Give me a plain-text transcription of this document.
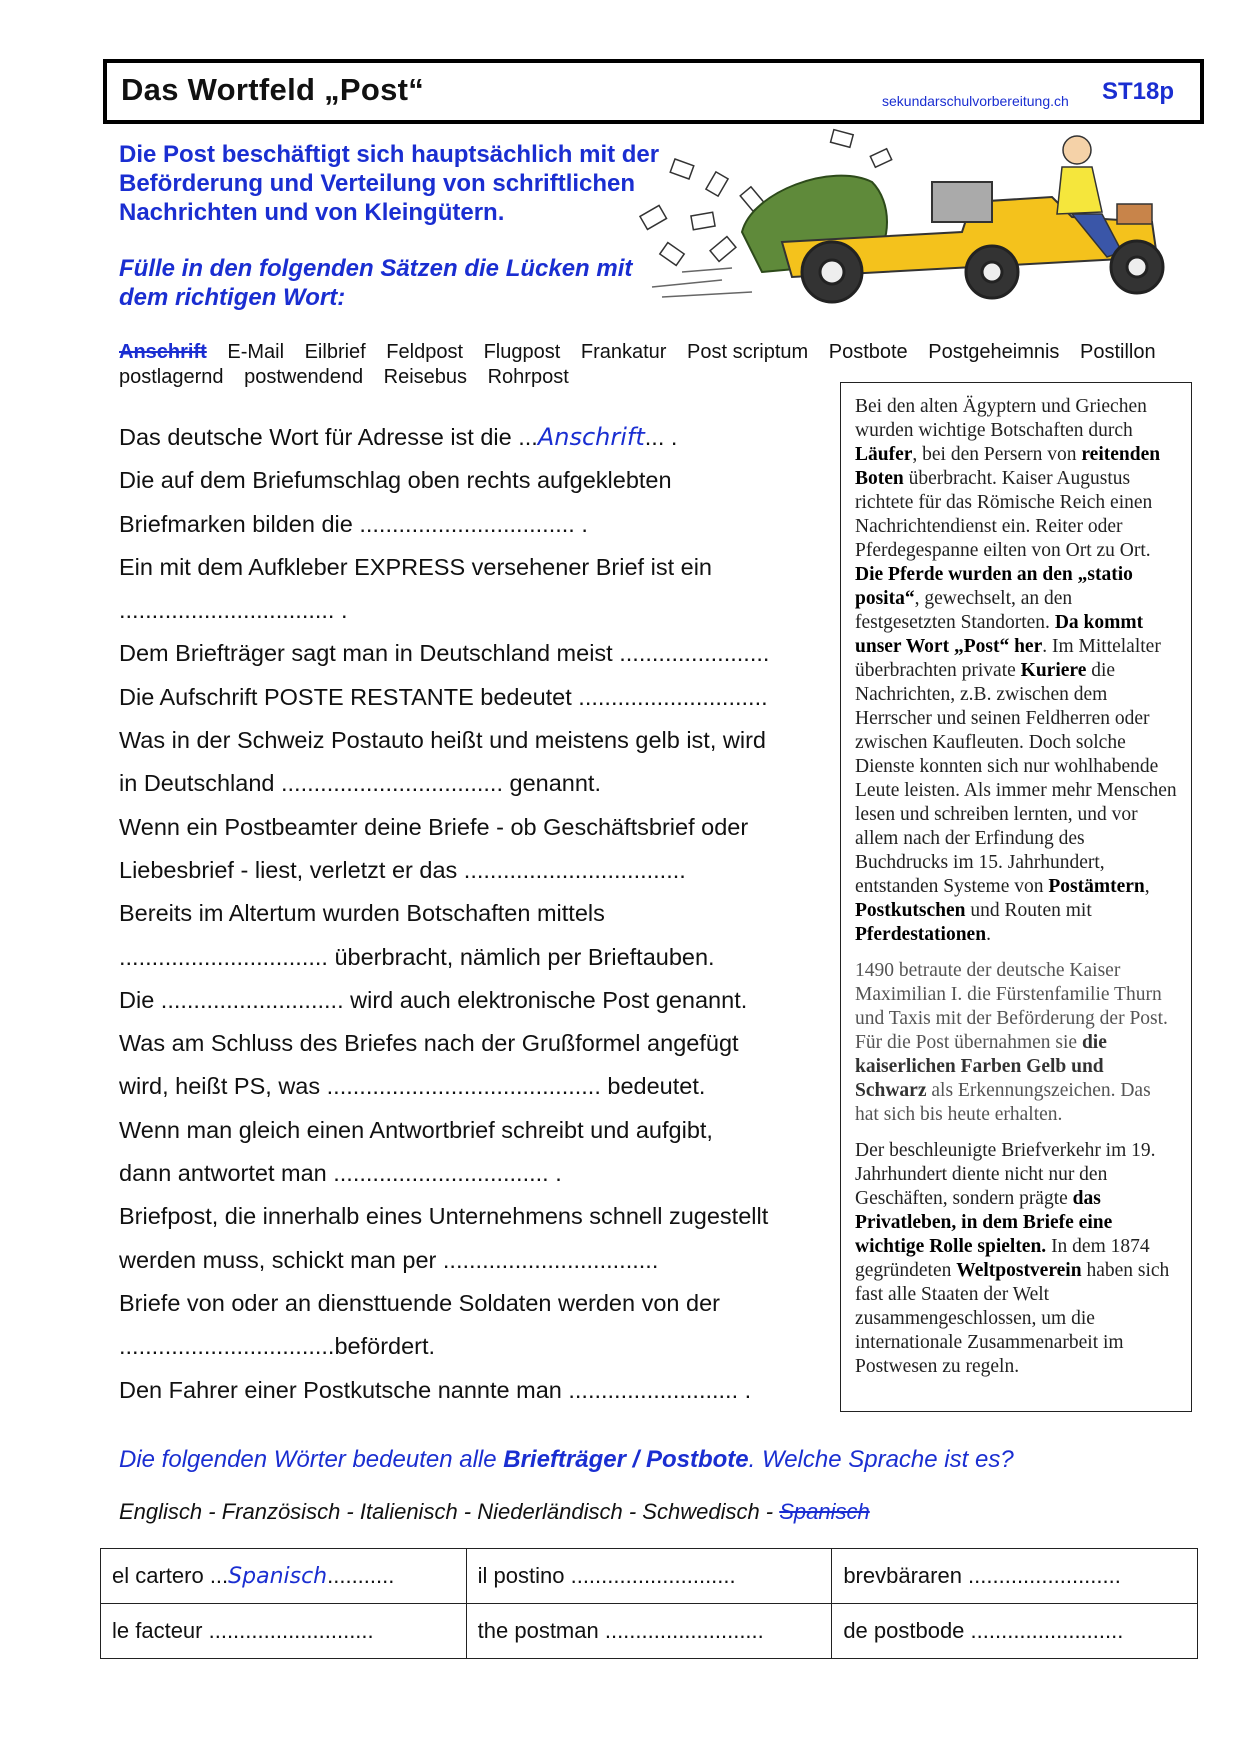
Das Wortfeld „Post“	sekundarschulvorbereitung.ch ST18p
Die Post beschäftigt sich hauptsächlich mit der Beförderung und Verteilung von schriftlichen Nachrichten und von Kleingütern.
Fülle in den folgenden Sätzen die Lücken mit dem richtigen Wort:
Anschrift E-Mail Eilbrief Feldpost Flugpost Frankatur Post scriptum Postbote Postgeheimnis Postillon postlagernd postwendend Reisebus Rohrpost

Das deutsche Wort für Adresse ist die ...Anschrift... .

Die auf dem Briefumschlag oben rechts aufgeklebten

Briefmarken bilden die ................................. .

Ein mit dem Aufkleber EXPRESS versehener Brief ist ein

................................. .

Dem Briefträger sagt man in Deutschland meist .......................

Die Aufschrift POSTE RESTANTE bedeutet .............................

Was in der Schweiz Postauto heißt und meistens gelb ist, wird

in Deutschland .................................. genannt.

Wenn ein Postbeamter deine Briefe - ob Geschäftsbrief oder

Liebesbrief - liest, verletzt er das ..................................

Bereits im Altertum wurden Botschaften mittels

................................ überbracht, nämlich per Brieftauben.

Die ............................ wird auch elektronische Post genannt.

Was am Schluss des Briefes nach der Grußformel angefügt

wird, heißt PS, was .......................................... bedeutet.

Wenn man gleich einen Antwortbrief schreibt und aufgibt,

dann antwortet man ................................. .

Briefpost, die innerhalb eines Unternehmens schnell zugestellt

werden muss, schickt man per .................................

Briefe von oder an diensttuende Soldaten werden von der

.................................befördert.

Den Fahrer einer Postkutsche nannte man .......................... .

Bei den alten Ägyptern und Griechen wurden wichtige Botschaften durch Läufer, bei den Persern von reitenden Boten überbracht. Kaiser Augustus richtete für das Römische Reich einen Nachrichtendienst ein. Reiter oder Pferdegespanne eilten von Ort zu Ort. Die Pferde wurden an den „statio posita“, gewechselt, an den festgesetzten Standorten. Da kommt unser Wort „Post“ her. Im Mittelalter überbrachten private Kuriere die Nachrichten, z.B. zwischen dem Herrscher und seinen Feldherren oder zwischen Kaufleuten. Doch solche Dienste konnten sich nur wohlhabende Leute leisten. Als immer mehr Menschen lesen und schreiben lernten, und vor allem nach der Erfindung des Buchdrucks im 15. Jahrhundert, entstanden Systeme von Postämtern, Postkutschen und Routen mit Pferdestationen.

1490 betraute der deutsche Kaiser Maximilian I. die Fürstenfamilie Thurn und Taxis mit der Beförderung der Post. Für die Post übernahmen sie die kaiserlichen Farben Gelb und Schwarz als Erkennungszeichen. Das hat sich bis heute erhalten.

Der beschleunigte Briefverkehr im 19. Jahrhundert diente nicht nur den Geschäften, sondern prägte das Privatleben, in dem Briefe eine wichtige Rolle spielten. In dem 1874 gegründeten Weltpostverein haben sich fast alle Staaten der Welt zusammengeschlossen, um die internationale Zusammenarbeit im Postwesen zu regeln.

Die folgenden Wörter bedeuten alle Briefträger / Postbote. Welche Sprache ist es?
Englisch - Französisch - Italienisch - Niederländisch - Schwedisch - Spanisch
el cartero ...Spanisch...........	il postino ...........................	brevbäraren .........................
le facteur ...........................	the postman ..........................	de postbode .........................
